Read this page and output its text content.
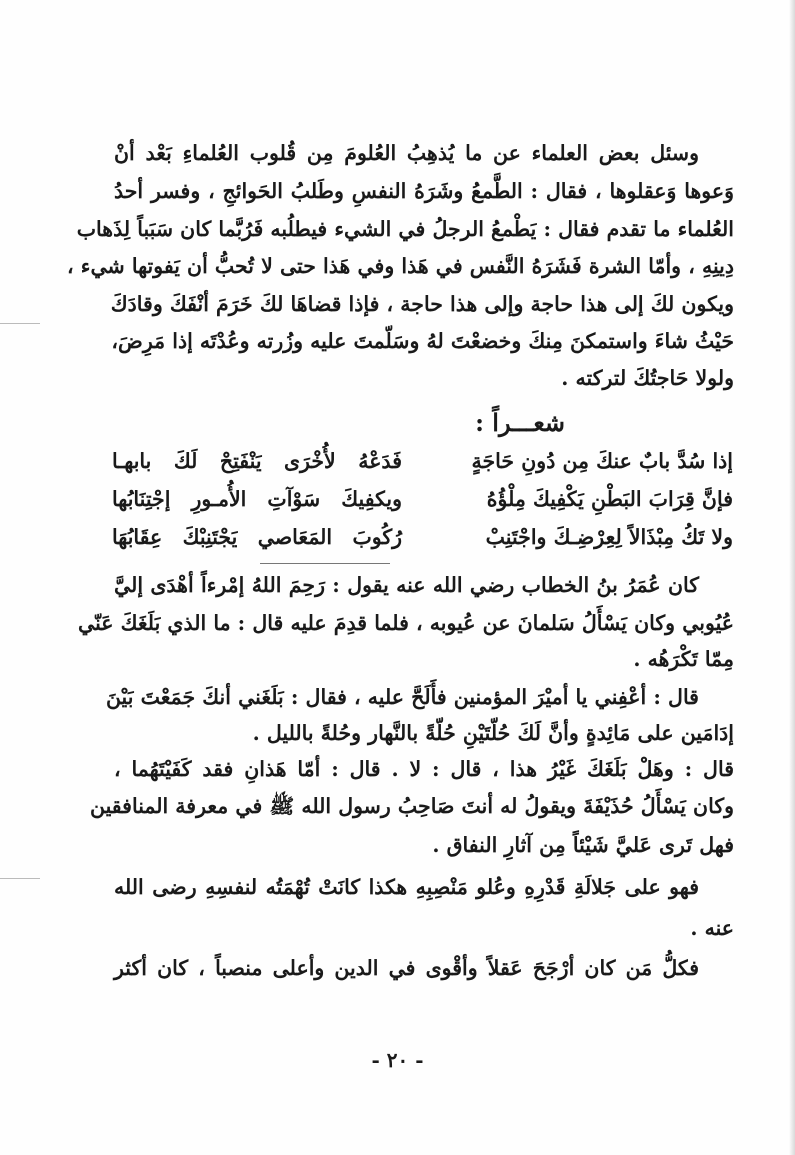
وسئل بعض العلماء عن ما يُذهِبُ العُلومَ مِن قُلوب العُلماءِ بَعْد أنْ
وَعوها وَعقلوها ، فقال : الطَّمعُ وشَرَهُ النفسِ وطَلبُ الحَوائجِ ، وفسر أحدُ
العُلماء ما تقدم فقال : يَطْمعُ الرجلُ في الشيء فيطلُبه فَرُبَّما كان سَبَباً لِذَهاب
دِينِهِ ، وأمّا الشرة فَشَرَهُ النَّفس في هَذا وفي هَذا حتى لا تُحبُّ أن يَفوتها شيء ،
ويكون لكَ إلى هذا حاجة وإلى هذا حاجة ، فإذا قضاهَا لكَ خَرَمَ أنْفَكَ وقادَكَ
حَيْثُ شاءَ واستمكنَ مِنكَ وخضعْتَ لهُ وسَلّمتَ عليه وزُرته وعُدْتَه إذا مَرِضَ،
ولولا حَاجتُكَ لتركته .
شعـــراً :
إذا سُدَّ بابٌ عنكَ مِن دُونِ حَاجَةٍ
فَدَعْهُ لأُخْرَى يَنْفَتِحْ لَكَ بابهـا
فإنَّ قِرَابَ البَطْنِ يَكْفِيكَ مِلْؤُهُ
ويكفِيكَ سَوْآتِ الأُمـورِ إجْتِنَابُها
ولا تَكُ مِبْذَالاً لِعِرْضِـكَ واجْتَنِبْ
رُكُوبَ المَعَاصي يَجْتَنِبْكَ عِقَابُهَا
كان عُمَرُ بنُ الخطاب رضي الله عنه يقول : رَحِمَ اللهُ إمْرءاً أهْدَى إليَّ
عُيُوبي وكان يَسْأَلُ سَلمانَ عن عُيوبه ، فلما قدِمَ عليه قال : ما الذي بَلَغَكَ عَنّي
مِمّا تَكْرَهُه .
قال : أعْفِني يا أميْرَ المؤمنين فأَلَحَّ عليه ، فقال : بَلَغَني أنكَ جَمَعْتَ بَيْنَ
إدَامَين على مَائِدةٍ وأنَّ لَكَ حُلّتَيْنِ حُلّةً بالنَّهار وحُلةً بالليل .
قال : وهَلْ بَلَغَكَ غَيْرُ هذا ، قال : لا . قال : أمّا هَذانِ فقد كَفَيْتَهُما ،
وكان يَسْأَلُ حُذَيْفَةَ ويقولُ له أنتَ صَاحِبُ رسول الله ﷺ في معرفة المنافقين
فهل تَرى عَليَّ شَيْئاً مِن آثارِ النفاق .
فهو على جَلالَةِ قَدْرِهِ وعُلو مَنْصِبِهِ هكذا كانَتْ تُهْمَتُه لنفسِهِ رضى الله
عنه .
فكلُّ مَن كان أرْجَحَ عَقلاً وأقْوى في الدين وأعلى منصباً ، كان أكثر
- ٢٠ -
